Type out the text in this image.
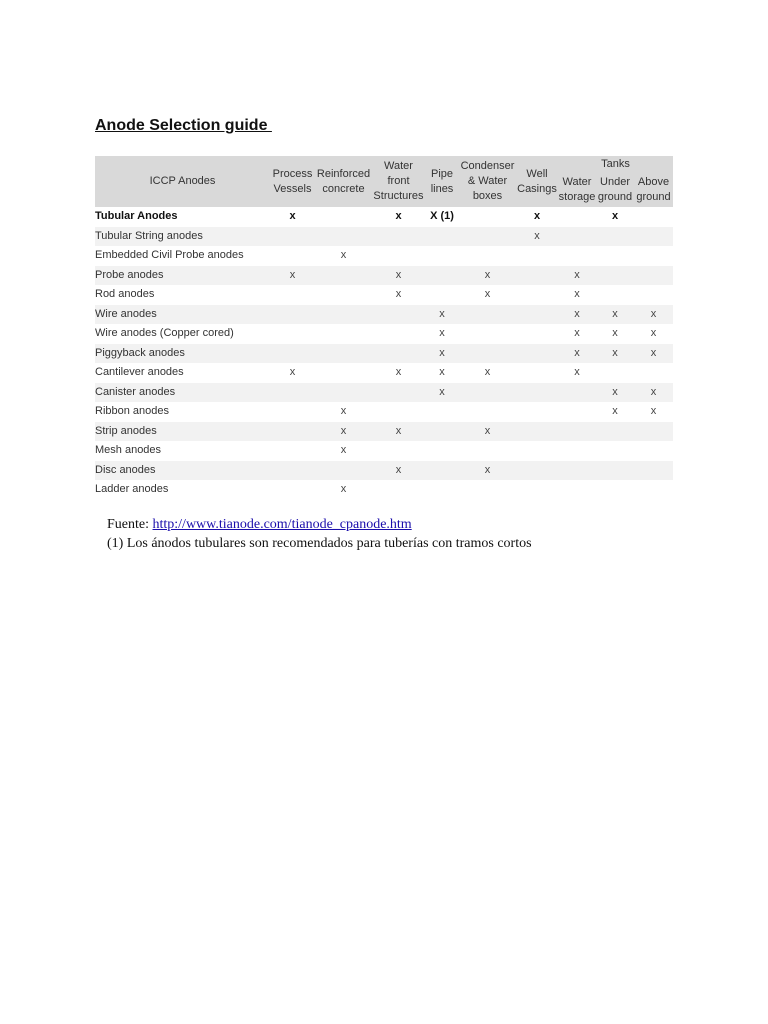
Anode Selection guide
ICCP Anodes	Process Vessels	Reinforced concrete	Water front Structures	Pipe lines	Condenser & Water boxes	Well Casings	Tanks		
							Water storage	Under ground	Above ground
Tubular Anodes	x		x	X (1)		x		x	
Tubular String anodes						x			
Embedded Civil Probe anodes		x							
Probe anodes	x		x		x		x		
Rod anodes			x		x		x		
Wire anodes				x			x	x	x
Wire anodes (Copper cored)				x			x	x	x
Piggyback anodes				x			x	x	x
Cantilever anodes	x		x	x	x		x		
Canister anodes				x				x	x
Ribbon anodes		x						x	x
Strip anodes		x	x		x				
Mesh anodes		x							
Disc anodes			x		x				
Ladder anodes		x							
Fuente: http://www.tianode.com/tianode_cpanode.htm
(1) Los ánodos tubulares son recomendados para tuberías con tramos cortos
